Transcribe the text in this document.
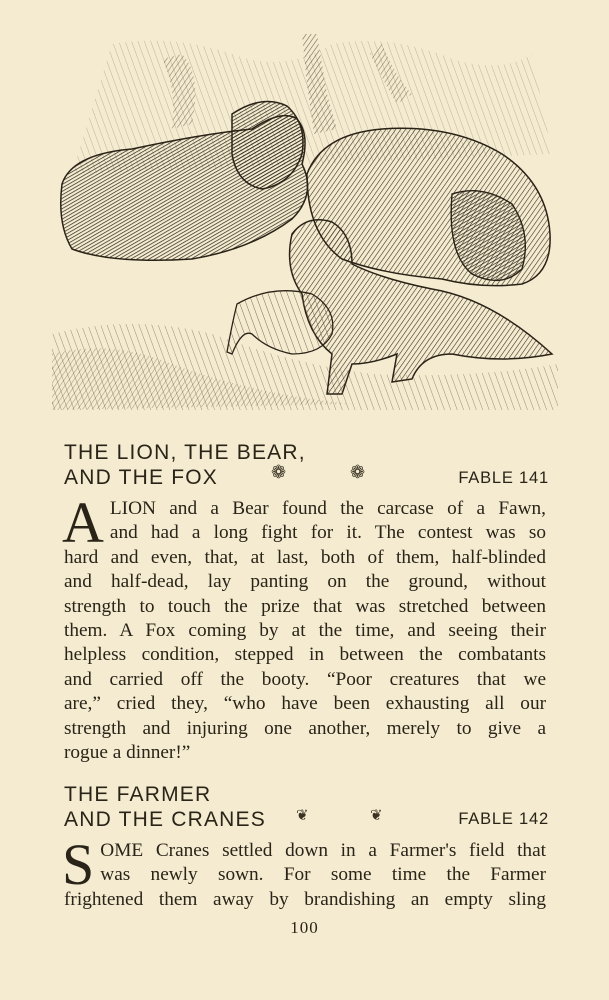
THE LION, THE BEAR,
AND THE FOX	❁	❁	FABLE 141
A LION and a Bear found the carcase of a Fawn,
and had a long fight for it. The contest was so
hard and even, that, at last, both of them, half-blinded
and half-dead, lay panting on the ground, without
strength to touch the prize that was stretched between
them. A Fox coming by at the time, and seeing their
helpless condition, stepped in between the combatants
and carried off the booty. “Poor creatures that we
are,” cried they, “who have been exhausting all our
strength and injuring one another, merely to give a
rogue a dinner!”
THE FARMER
AND THE CRANES ❦	❦	FABLE 142
S OME Cranes settled down in a Farmer's field that
was newly sown. For some time the Farmer
frightened them away by brandishing an empty sling
100
